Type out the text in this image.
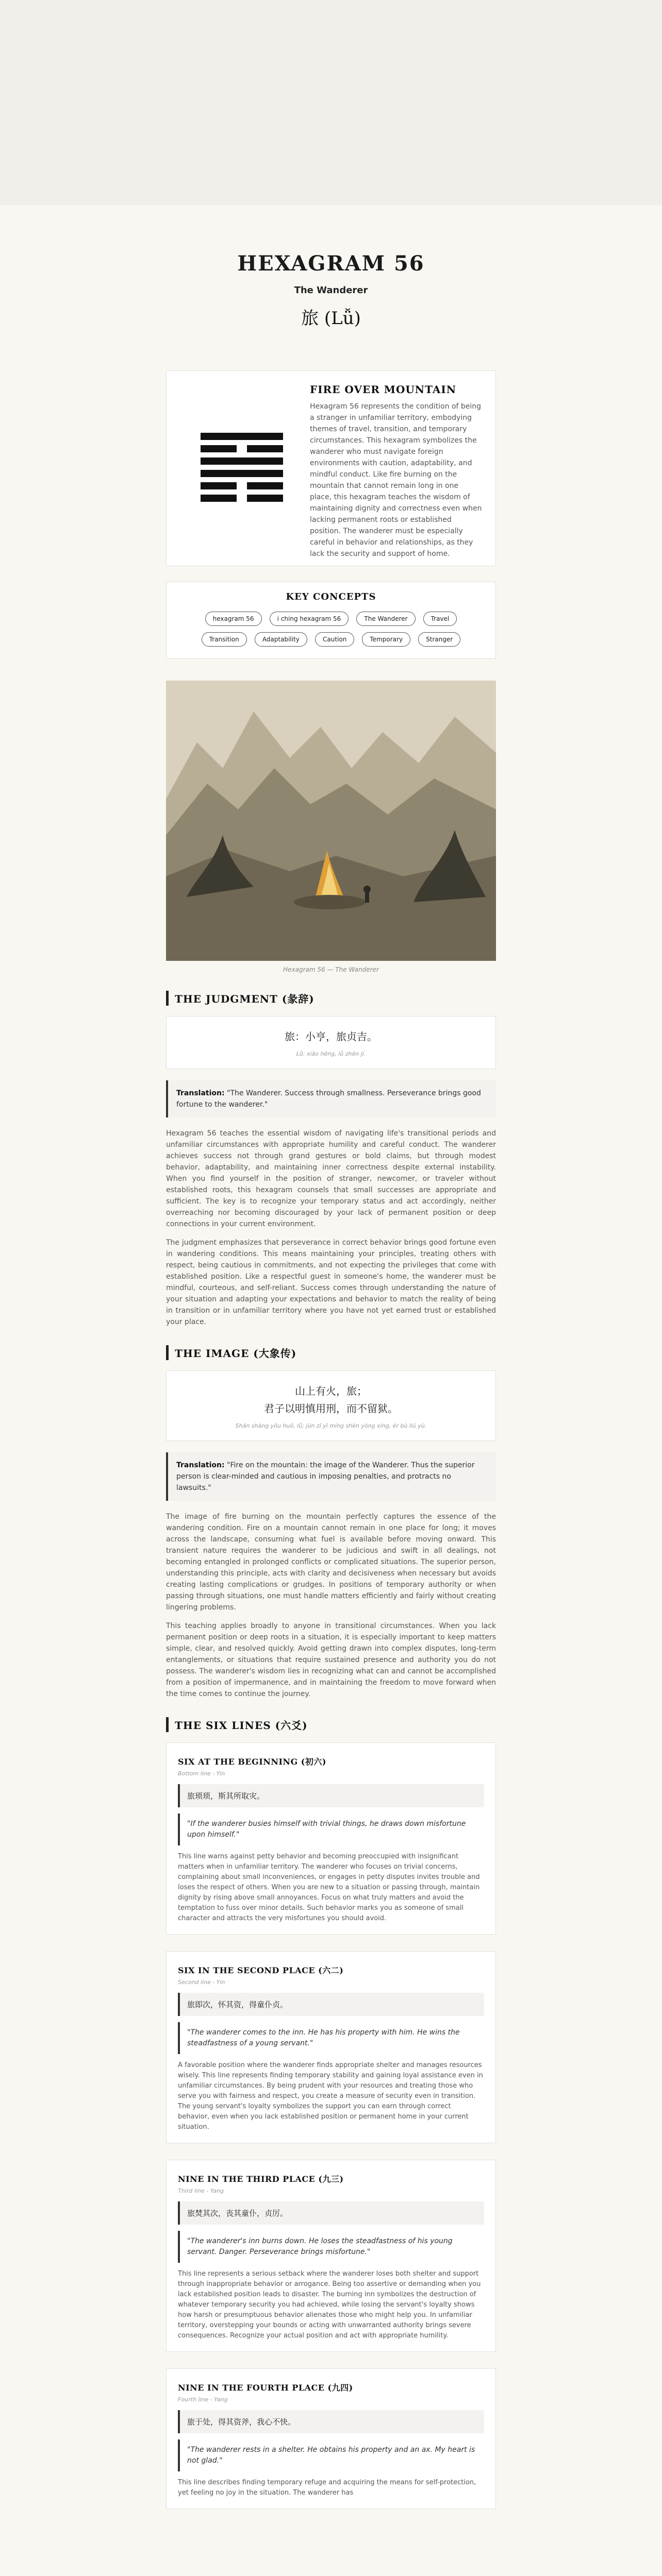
HEXAGRAM 56
The Wanderer
旅 (Lǚ)
FIRE OVER MOUNTAIN

Hexagram 56 represents the condition of being a stranger in unfamiliar territory, embodying themes of travel, transition, and temporary circumstances. This hexagram symbolizes the wanderer who must navigate foreign environments with caution, adaptability, and mindful conduct. Like fire burning on the mountain that cannot remain long in one place, this hexagram teaches the wisdom of maintaining dignity and correctness even when lacking permanent roots or established position. The wanderer must be especially careful in behavior and relationships, as they lack the security and support of home.

KEY CONCEPTS
hexagram 56	i ching hexagram 56	The Wanderer	Travel Transition	Adaptability	Caution	Temporary	Stranger
Hexagram 56 — The Wanderer
THE JUDGMENT (彖辞)
旅：小亨，旅贞吉。
Lǚ: xiǎo hēng, lǚ zhēn jí.
Translation: "The Wanderer. Success through smallness. Perseverance brings good fortune to the wanderer."

Hexagram 56 teaches the essential wisdom of navigating life's transitional periods and unfamiliar circumstances with appropriate humility and careful conduct. The wanderer achieves success not through grand gestures or bold claims, but through modest behavior, adaptability, and maintaining inner correctness despite external instability. When you find yourself in the position of stranger, newcomer, or traveler without established roots, this hexagram counsels that small successes are appropriate and sufficient. The key is to recognize your temporary status and act accordingly, neither overreaching nor becoming discouraged by your lack of permanent position or deep connections in your current environment.

The judgment emphasizes that perseverance in correct behavior brings good fortune even in wandering conditions. This means maintaining your principles, treating others with respect, being cautious in commitments, and not expecting the privileges that come with established position. Like a respectful guest in someone's home, the wanderer must be mindful, courteous, and self-reliant. Success comes through understanding the nature of your situation and adapting your expectations and behavior to match the reality of being in transition or in unfamiliar territory where you have not yet earned trust or established your place.

THE IMAGE (大象传)
山上有火，旅；
君子以明慎用刑，而不留狱。
Shān shàng yǒu huǒ, lǚ; jūn zǐ yǐ míng shèn yòng xíng, ér bù liú yù.
Translation: "Fire on the mountain: the image of the Wanderer. Thus the superior person is clear-minded and cautious in imposing penalties, and protracts no lawsuits."

The image of fire burning on the mountain perfectly captures the essence of the wandering condition. Fire on a mountain cannot remain in one place for long; it moves across the landscape, consuming what fuel is available before moving onward. This transient nature requires the wanderer to be judicious and swift in all dealings, not becoming entangled in prolonged conflicts or complicated situations. The superior person, understanding this principle, acts with clarity and decisiveness when necessary but avoids creating lasting complications or grudges. In positions of temporary authority or when passing through situations, one must handle matters efficiently and fairly without creating lingering problems.

This teaching applies broadly to anyone in transitional circumstances. When you lack permanent position or deep roots in a situation, it is especially important to keep matters simple, clear, and resolved quickly. Avoid getting drawn into complex disputes, long-term entanglements, or situations that require sustained presence and authority you do not possess. The wanderer's wisdom lies in recognizing what can and cannot be accomplished from a position of impermanence, and in maintaining the freedom to move forward when the time comes to continue the journey.

THE SIX LINES (六爻)
SIX AT THE BEGINNING (初六)
Bottom line - Yin
旅琐琐，斯其所取灾。
"If the wanderer busies himself with trivial things, he draws down misfortune upon himself."

This line warns against petty behavior and becoming preoccupied with insignificant matters when in unfamiliar territory. The wanderer who focuses on trivial concerns, complaining about small inconveniences, or engages in petty disputes invites trouble and loses the respect of others. When you are new to a situation or passing through, maintain dignity by rising above small annoyances. Focus on what truly matters and avoid the temptation to fuss over minor details. Such behavior marks you as someone of small character and attracts the very misfortunes you should avoid.

SIX IN THE SECOND PLACE (六二)
Second line - Yin
旅即次，怀其资，得童仆贞。
"The wanderer comes to the inn. He has his property with him. He wins the steadfastness of a young servant."

A favorable position where the wanderer finds appropriate shelter and manages resources wisely. This line represents finding temporary stability and gaining loyal assistance even in unfamiliar circumstances. By being prudent with your resources and treating those who serve you with fairness and respect, you create a measure of security even in transition. The young servant's loyalty symbolizes the support you can earn through correct behavior, even when you lack established position or permanent home in your current situation.

NINE IN THE THIRD PLACE (九三)
Third line - Yang
旅焚其次，丧其童仆，贞厉。
"The wanderer's inn burns down. He loses the steadfastness of his young servant. Danger. Perseverance brings misfortune."

This line represents a serious setback where the wanderer loses both shelter and support through inappropriate behavior or arrogance. Being too assertive or demanding when you lack established position leads to disaster. The burning inn symbolizes the destruction of whatever temporary security you had achieved, while losing the servant's loyalty shows how harsh or presumptuous behavior alienates those who might help you. In unfamiliar territory, overstepping your bounds or acting with unwarranted authority brings severe consequences. Recognize your actual position and act with appropriate humility.

NINE IN THE FOURTH PLACE (九四)
Fourth line - Yang
旅于处，得其资斧，我心不快。
"The wanderer rests in a shelter. He obtains his property and an ax. My heart is not glad."

This line describes finding temporary refuge and acquiring the means for self-protection, yet feeling no joy in the situation. The wanderer has
